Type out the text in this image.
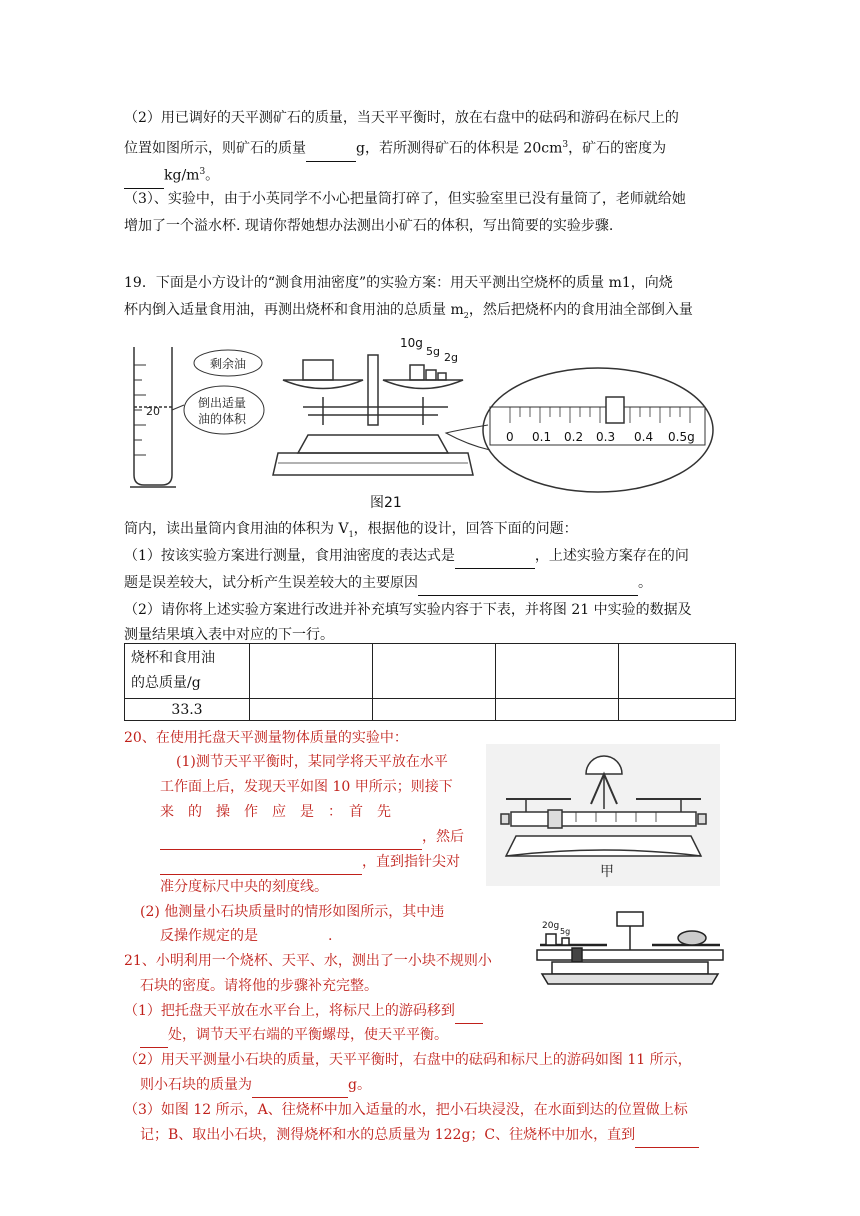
（2）用已调好的天平测矿石的质量，当天平平衡时，放在右盘中的砝码和游码在标尺上的
位置如图所示，则矿石的质量	g，若所测得矿石的体积是 $20cm^3$，矿石的密度为
$kg/m^3$。
（3）、实验中，由于小英同学不小心把量筒打碎了，但实验室里已没有量筒了，老师就给她
增加了一个溢水杯. 现请你帮她想办法测出小矿石的体积，写出简要的实验步骤.
19．下面是小方设计的“测食用油密度”的实验方案：用天平测出空烧杯的质量 m1，向烧
杯内倒入适量食用油，再测出烧杯和食用油的总质量 $m_2$，然后把烧杯内的食用油全部倒入量
20
剩余油
倒出适量
油的体积
10g
5g 2g
0 0.1 0.2 0.3 0.4 0.5g
图21
筒内，读出量筒内食用油的体积为 $V_1$，根据他的设计，回答下面的问题：
（1）按该实验方案进行测量，食用油密度的表达式是	，上述实验方案存在的问
题是误差较大，试分析产生误差较大的主要原因	。
（2）请你将上述实验方案进行改进并补充填写实验内容于下表，并将图 21 中实验的数据及
测量结果填入表中对应的下一行。
烧杯和食用油
的总质量/g				

33.3				
20、在使用托盘天平测量物体质量的实验中：
(1)测节天平平衡时，某同学将天平放在水平
工作面上后，发现天平如图 10 甲所示；则接下
来　的　操　作　应　是　：　首　先
，然后
，直到指针尖对
准分度标尺中央的刻度线。
(2) 他测量小石块质量时的情形如图所示，其中违
反操作规定的是	.
甲
21、小明利用一个烧杯、天平、水，测出了一小块不规则小
石块的密度。请将他的步骤补充完整。
20g
5g
（1）把托盘天平放在水平台上，将标尺上的游码移到
处，调节天平右端的平衡螺母，使天平平衡。
（2）用天平测量小石块的质量，天平平衡时，右盘中的砝码和标尺上的游码如图 11 所示，
则小石块的质量为	g。
（3）如图 12 所示，A、往烧杯中加入适量的水，把小石块浸没，在水面到达的位置做上标
记；B、取出小石块，测得烧杯和水的总质量为 122g；C、往烧杯中加水，直到
